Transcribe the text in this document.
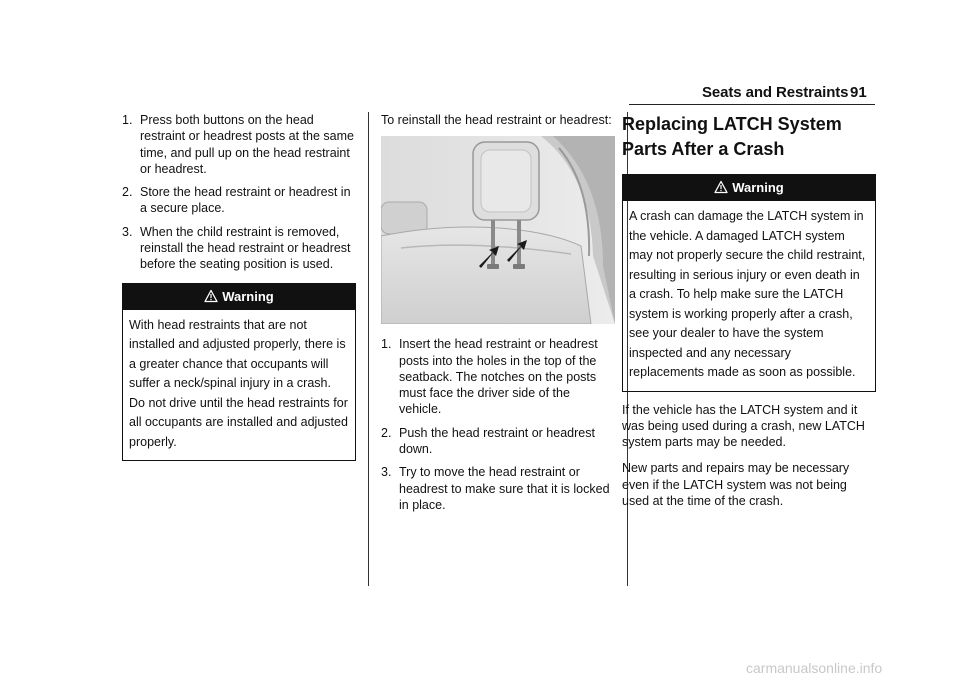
Seats and Restraints 91
1. Press both buttons on the head restraint or headrest posts at the same time, and pull up on the head restraint or headrest.
2. Store the head restraint or headrest in a secure place.
3. When the child restraint is removed, reinstall the head restraint or headrest before the seating position is used.
Warning
With head restraints that are not installed and adjusted properly, there is a greater chance that occupants will suffer a neck/spinal injury in a crash. Do not drive until the head restraints for all occupants are installed and adjusted properly.

To reinstall the head restraint or headrest:

1. Insert the head restraint or headrest posts into the holes in the top of the seatback. The notches on the posts must face the driver side of the vehicle.
2. Push the head restraint or headrest down.
3. Try to move the head restraint or headrest to make sure that it is locked in place.
Replacing LATCH System Parts After a Crash
Warning
A crash can damage the LATCH system in the vehicle. A damaged LATCH system may not properly secure the child restraint, resulting in serious injury or even death in a crash. To help make sure the LATCH system is working properly after a crash, see your dealer to have the system inspected and any necessary replacements made as soon as possible.

If the vehicle has the LATCH system and it was being used during a crash, new LATCH system parts may be needed.

New parts and repairs may be necessary even if the LATCH system was not being used at the time of the crash.

carmanualsonline.info
